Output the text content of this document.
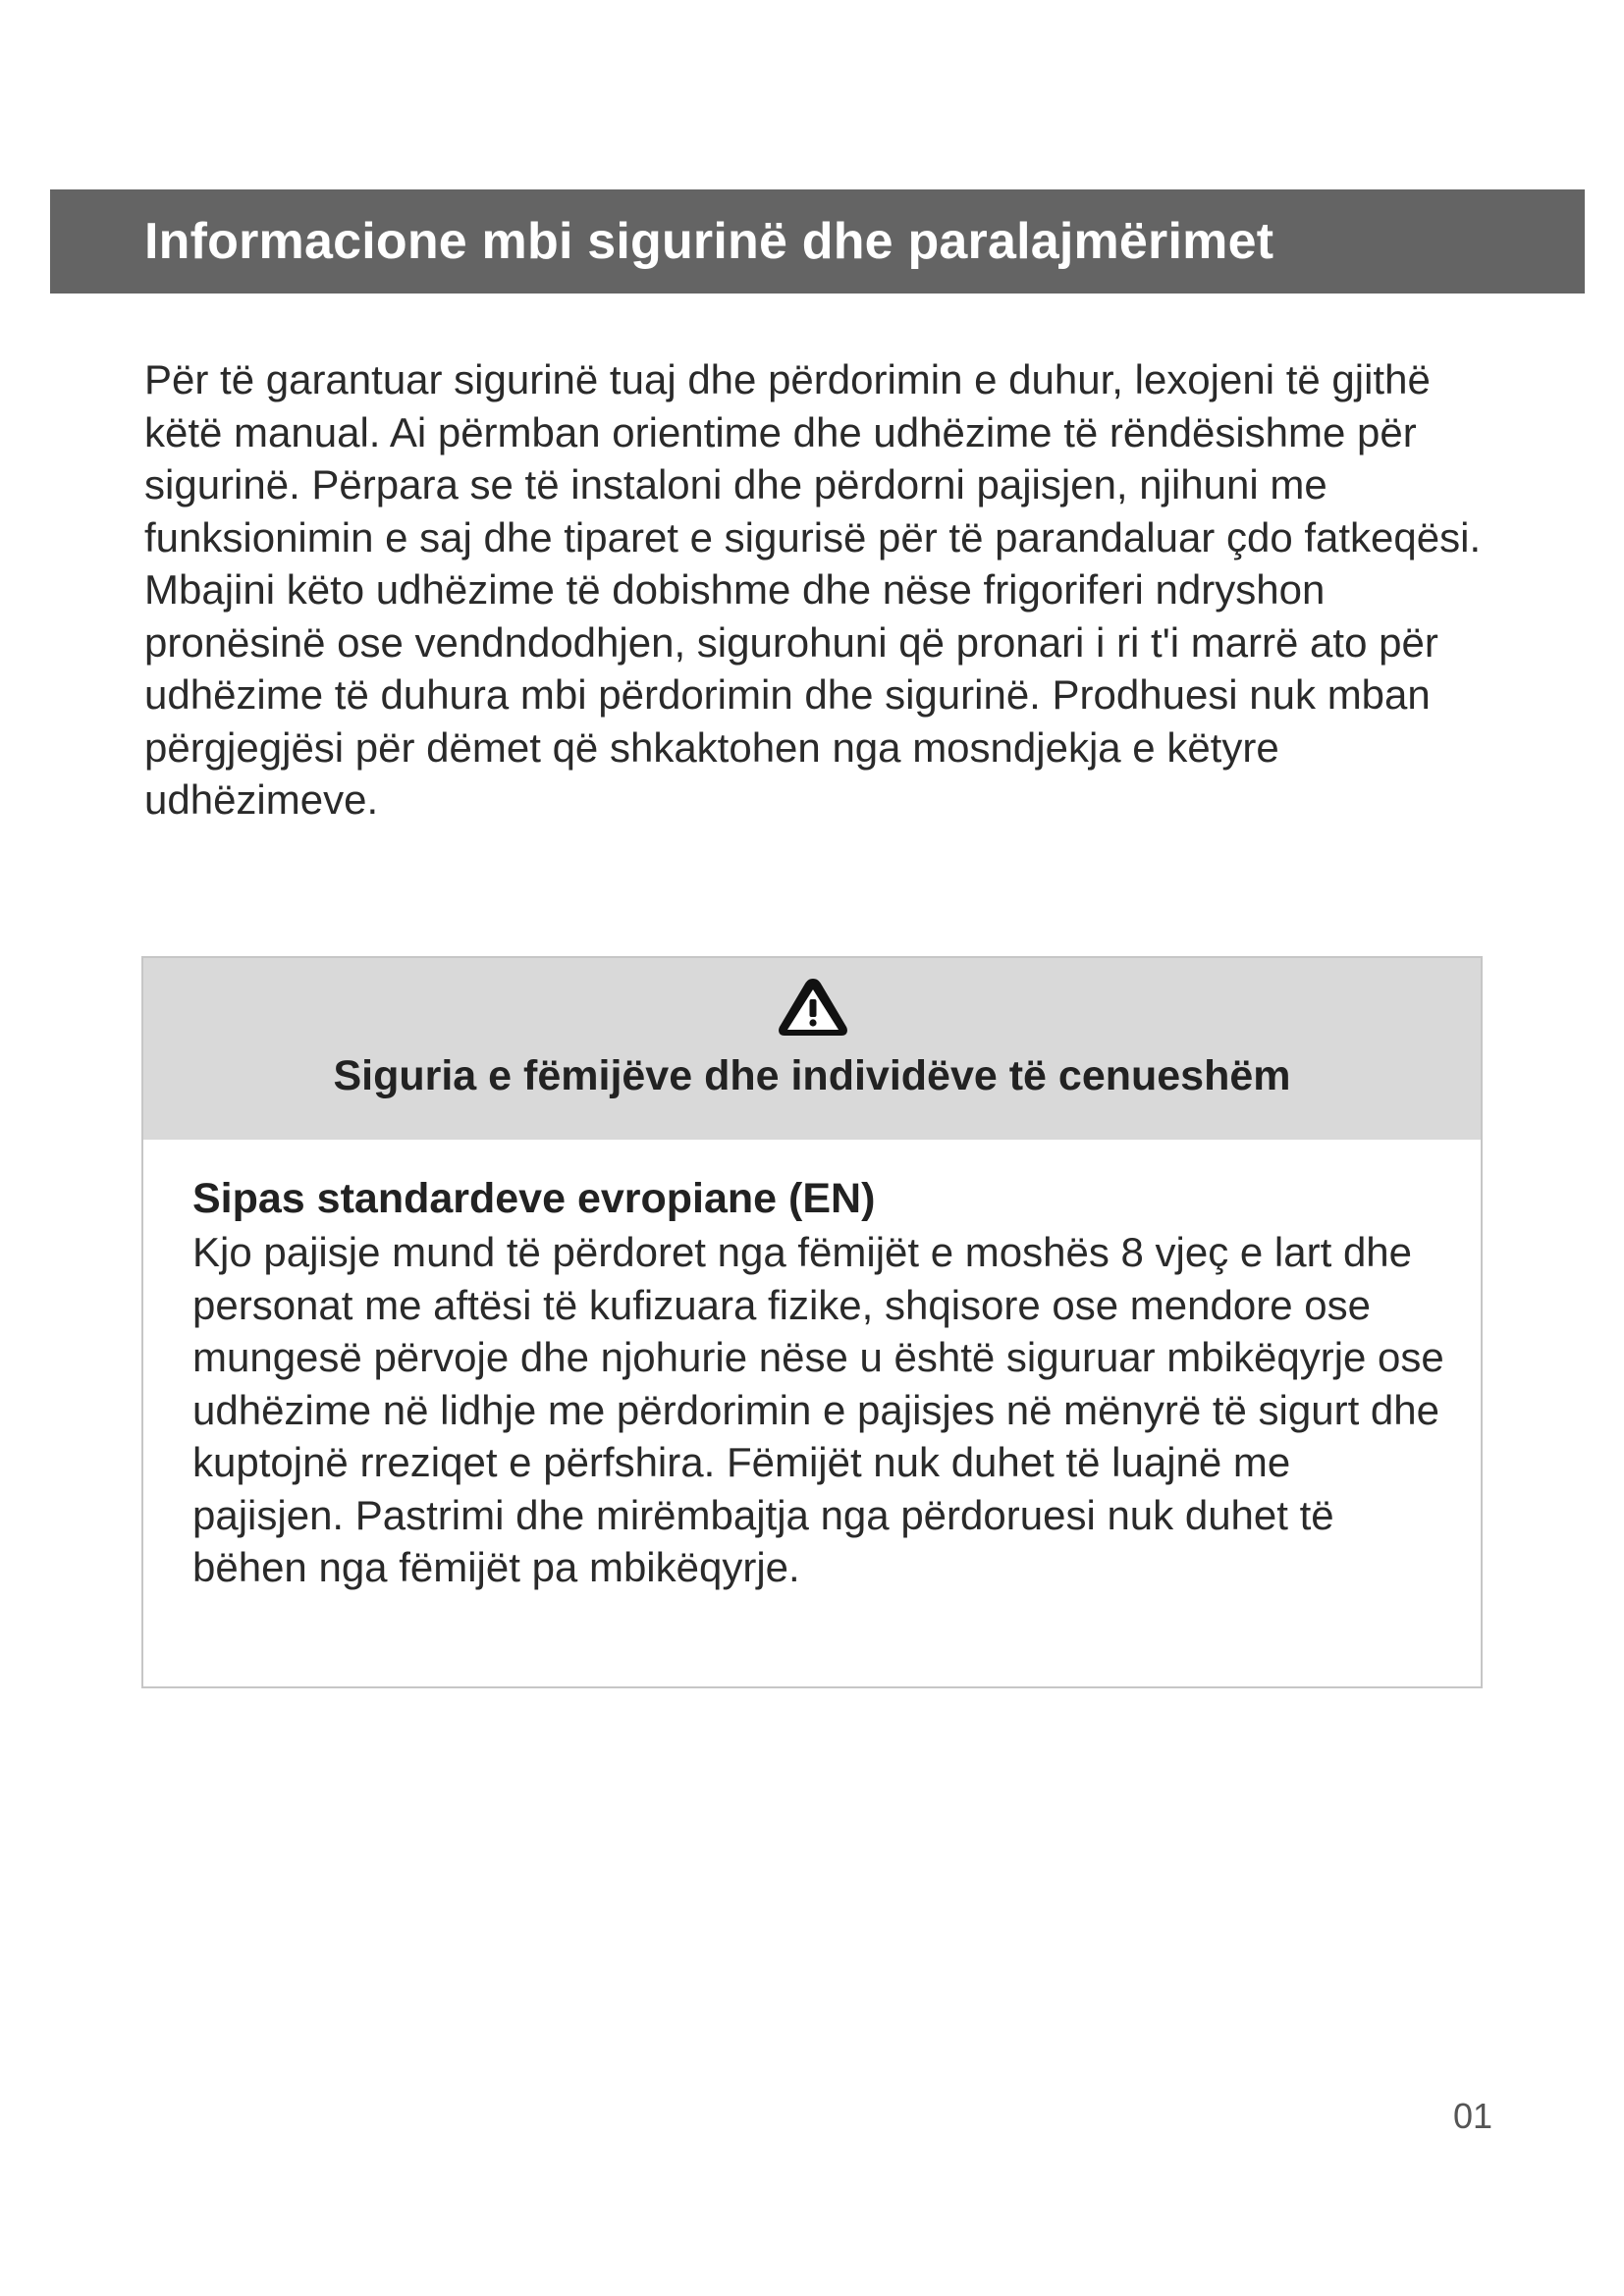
Informacione mbi sigurinë dhe paralajmërimet

Për të garantuar sigurinë tuaj dhe përdorimin e duhur, lexojeni të gjithë këtë manual. Ai përmban orientime dhe udhëzime të rëndësishme për sigurinë. Përpara se të instaloni dhe përdorni pajisjen, njihuni me funksionimin e saj dhe tiparet e sigurisë për të parandaluar çdo fatkeqësi. Mbajini këto udhëzime të dobishme dhe nëse frigoriferi ndryshon pronësinë ose vendndodhjen, sigurohuni që pronari i ri t'i marrë ato për udhëzime të duhura mbi përdorimin dhe sigurinë. Prodhuesi nuk mban përgjegjësi për dëmet që shkaktohen nga mosndjekja e këtyre udhëzimeve.

Siguria e fëmijëve dhe individëve të cenueshëm

Sipas standardeve evropiane (EN)

Kjo pajisje mund të përdoret nga fëmijët e moshës 8 vjeç e lart dhe personat me aftësi të kufizuara fizike, shqisore ose mendore ose mungesë përvoje dhe njohurie nëse u është siguruar mbikëqyrje ose udhëzime në lidhje me përdorimin e pajisjes në mënyrë të sigurt dhe kuptojnë rreziqet e përfshira. Fëmijët nuk duhet të luajnë me pajisjen. Pastrimi dhe mirëmbajtja nga përdoruesi nuk duhet të bëhen nga fëmijët pa mbikëqyrje.

01
